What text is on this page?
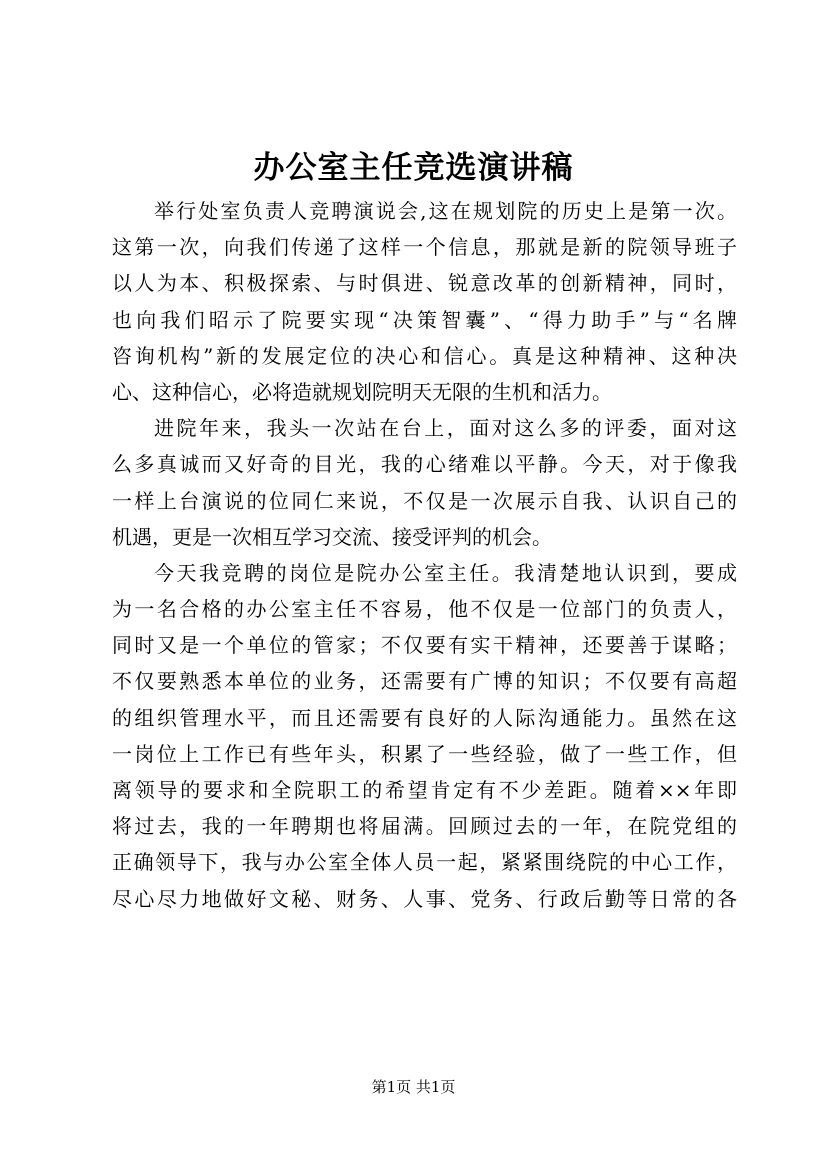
办公室主任竞选演讲稿
举行处室负责人竞聘演说会,这在规划院的历史上是第一次。
这第一次，向我们传递了这样一个信息，那就是新的院领导班子
以人为本、积极探索、与时俱进、锐意改革的创新精神，同时，
也向我们昭示了院要实现“决策智囊”、“得力助手”与“名牌
咨询机构”新的发展定位的决心和信心。真是这种精神、这种决
心、这种信心，必将造就规划院明天无限的生机和活力。
进院年来，我头一次站在台上，面对这么多的评委，面对这
么多真诚而又好奇的目光，我的心绪难以平静。今天，对于像我
一样上台演说的位同仁来说，不仅是一次展示自我、认识自己的
机遇，更是一次相互学习交流、接受评判的机会。
今天我竞聘的岗位是院办公室主任。我清楚地认识到，要成
为一名合格的办公室主任不容易，他不仅是一位部门的负责人，
同时又是一个单位的管家；不仅要有实干精神，还要善于谋略；
不仅要熟悉本单位的业务，还需要有广博的知识；不仅要有高超
的组织管理水平，而且还需要有良好的人际沟通能力。虽然在这
一岗位上工作已有些年头，积累了一些经验，做了一些工作，但
离领导的要求和全院职工的希望肯定有不少差距。随着××年即
将过去，我的一年聘期也将届满。回顾过去的一年，在院党组的
正确领导下，我与办公室全体人员一起，紧紧围绕院的中心工作，
尽心尽力地做好文秘、财务、人事、党务、行政后勤等日常的各
第1页 共1页
